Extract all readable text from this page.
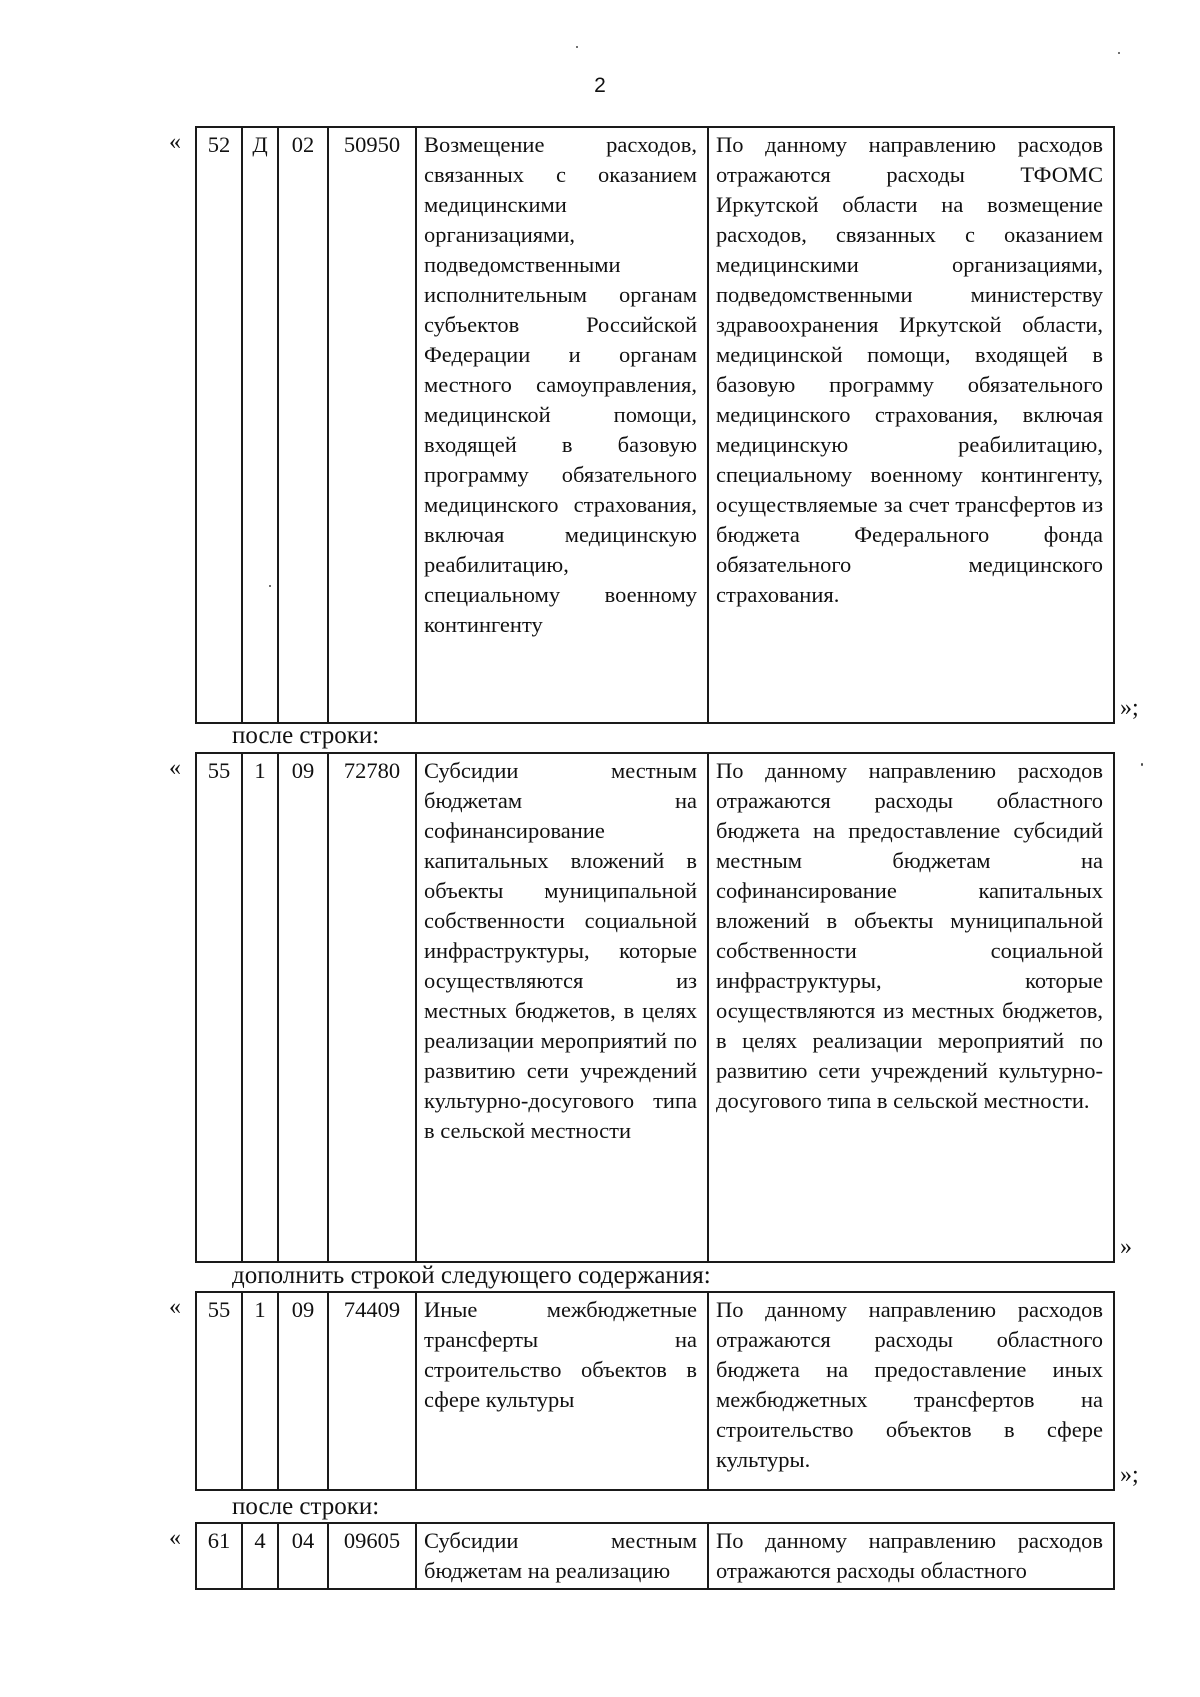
2
« 52	Д	02	50950	Возмещение расходов, связанных с оказанием медицинскими организациями, подведомственными исполнительным органам субъектов Российской Федерации и органам местного самоуправления, медицинской помощи, входящей в базовую программу обязательного медицинского страхования, включая медицинскую реабилитацию, специальному военному контингенту	По данному направлению расходов отражаются расходы ТФОМС Иркутской области на возмещение расходов, связанных с оказанием медицинскими организациями, подведомственными министерству здравоохранения Иркутской области, медицинской помощи, входящей в базовую программу обязательного медицинского страхования, включая медицинскую реабилитацию, специальному военному контингенту, осуществляемые за счет трансфертов из бюджета Федерального фонда обязательного медицинского страхования.
»;
после строки:
« 55	1	09	72780	Субсидии местным бюджетам на софинансирование капитальных вложений в объекты муниципальной собственности социальной инфраструктуры, которые осуществляются из местных бюджетов, в целях реализации мероприятий по развитию сети учреждений культурно-досугового типа в сельской местности	По данному направлению расходов отражаются расходы областного бюджета на предоставление субсидий местным бюджетам на софинансирование капитальных вложений в объекты муниципальной собственности социальной инфраструктуры, которые осуществляются из местных бюджетов, в целях реализации мероприятий по развитию сети учреждений культурно-досугового типа в сельской местности.
»
дополнить строкой следующего содержания:
« 55	1	09	74409	Иные межбюджетные трансферты на строительство объектов в сфере культуры	По данному направлению расходов отражаются расходы областного бюджета на предоставление иных межбюджетных трансфертов на строительство объектов в сфере культуры.
»;
после строки:
« 61	4	04	09605	Субсидии местным бюджетам на реализацию	По данному направлению расходов отражаются расходы областного
